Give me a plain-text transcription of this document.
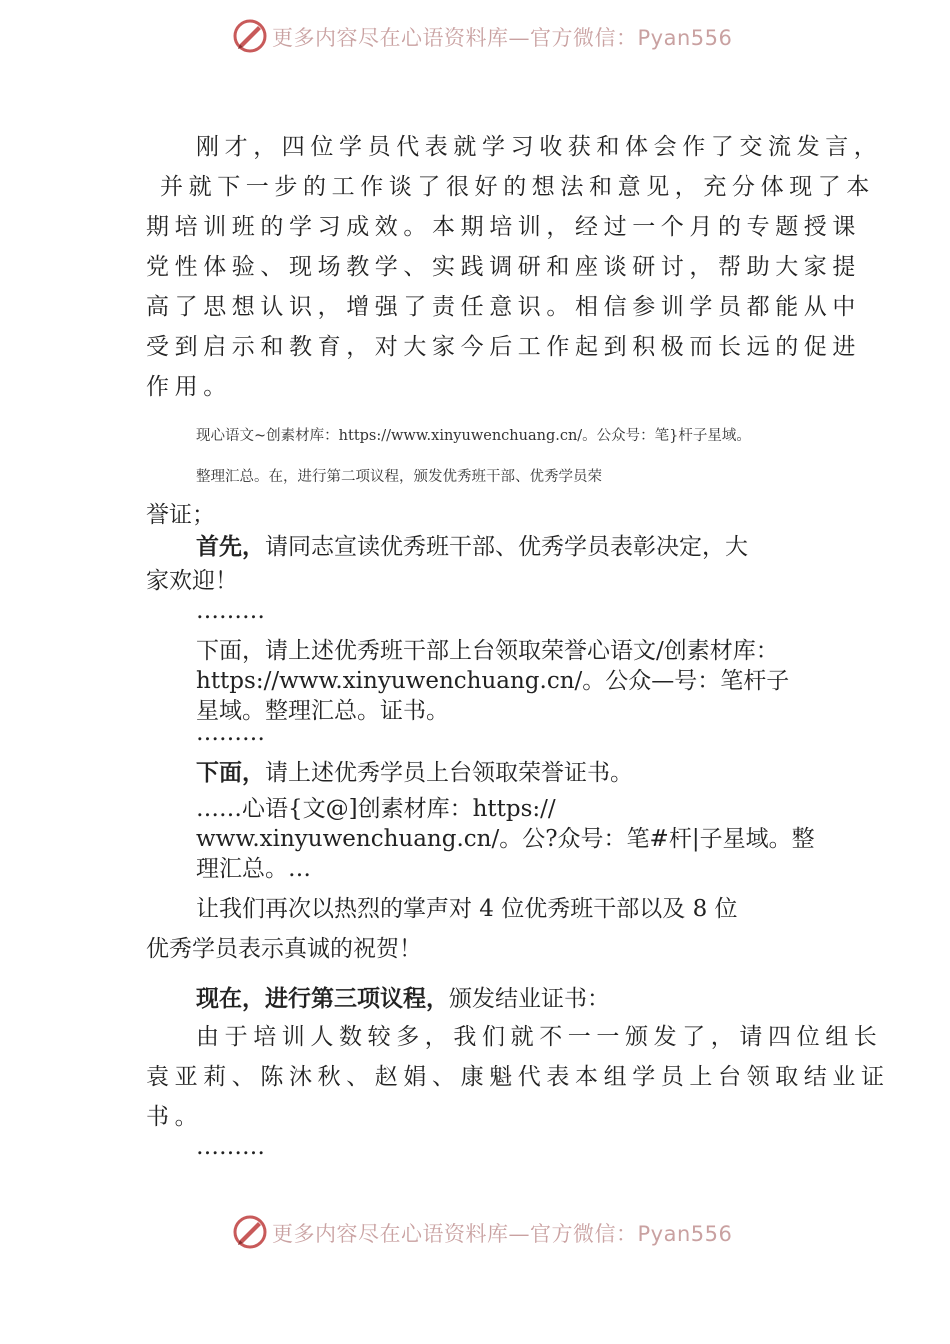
更多内容尽在心语资料库—官方微信：Pyan556
刚才，四位学员代表就学习收获和体会作了交流发言，
并就下一步的工作谈了很好的想法和意见，充分体现了本
期培训班的学习成效。本期培训，经过一个月的专题授课
党性体验、现场教学、实践调研和座谈研讨，帮助大家提
高了思想认识，增强了责任意识。相信参训学员都能从中
受到启示和教育，对大家今后工作起到积极而长远的促进
作用。
现心语文~创素材库：https://www.xinyuwenchuang.cn/。公众号：笔}杆子星域。
整理汇总。在，进行第二项议程，颁发优秀班干部、优秀学员荣
誉证；
首先，请同志宣读优秀班干部、优秀学员表彰决定，大
家欢迎！
………
下面，请上述优秀班干部上台领取荣誉心语文/创素材库：
https://www.xinyuwenchuang.cn/。公众—号：笔杆子
星域。整理汇总。证书。
………
下面，请上述优秀学员上台领取荣誉证书。
……心语{文@]创素材库：https://
www.xinyuwenchuang.cn/。公?众号：笔#杆|子星域。整
理汇总。…
让我们再次以热烈的掌声对 4 位优秀班干部以及 8 位
优秀学员表示真诚的祝贺！
现在，进行第三项议程，颁发结业证书：
由于培训人数较多，我们就不一一颁发了，请四位组长
袁亚莉、陈沐秋、赵娟、康魁代表本组学员上台领取结业证
书。
………
更多内容尽在心语资料库—官方微信：Pyan556
